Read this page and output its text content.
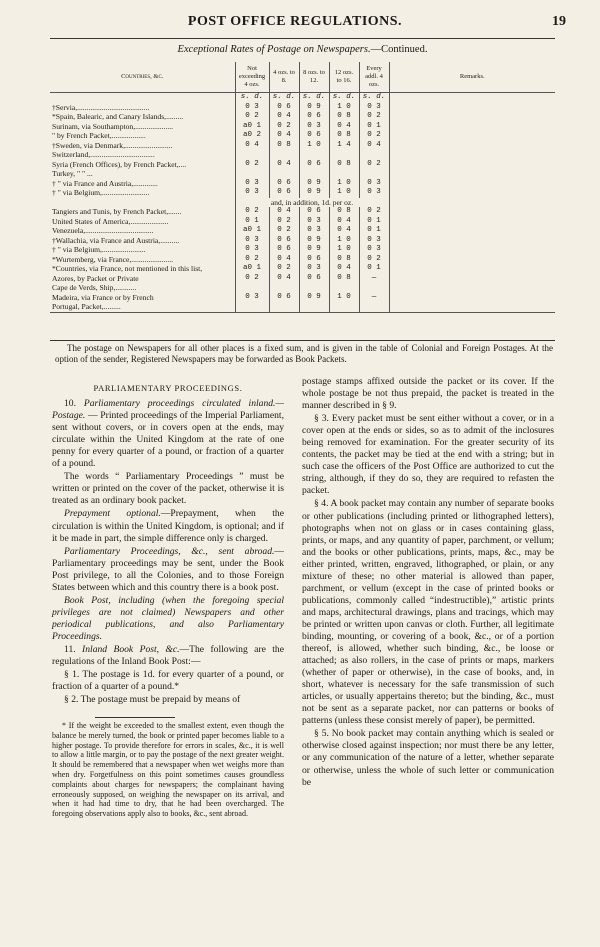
POST OFFICE REGULATIONS.	19
Exceptional Rates of Postage on Newspapers.—Continued.
Countries, &c.	Not exceeding 4 ozs.	4 ozs. to 8.	8 ozs. to 12.	12 ozs. to 16.	Every addl. 4 ozs.	Remarks.
	s. d.	s. d.	s. d.	s. d.	s. d.	
†Servia,......................................	0 3	0 6	0 9	1 0	0 3	
*Spain, Balearic, and Canary Islands,.........	0 2	0 4	0 6	0 8	0 2	
Surinam, via Southampton,....................	a0 1	0 2	0 3	0 4	0 1	
" by French Packet,..................	a0 2	0 4	0 6	0 8	0 2	
†Sweden, via Denmark,.........................	0 4	0 8	1 0	1 4	0 4	
Switzerland,..................................						
Syria (French Offices), by French Packet,....	0 2	0 4	0 6	0 8	0 2	
Turkey, " " ...						
† " via France and Austria,.............	0 3	0 6	0 9	1 0	0 3	
† " via Belgium,.........................	0 3	0 6	0 9	1 0	0 3	
	and, in addition, 1d. per oz.					
Tangiers and Tunis, by French Packet,.......	0 2	0 4	0 6	0 8	0 2	
United States of America,....................	0 1	0 2	0 3	0 4	0 1	
Venezuela,....................................	a0 1	0 2	0 3	0 4	0 1	
†Wallachia, via France and Austria,..........	0 3	0 6	0 9	1 0	0 3	
† " via Belgium,.......................	0 3	0 6	0 9	1 0	0 3	
*Wurtemberg, via France,......................	0 2	0 4	0 6	0 8	0 2	
*Countries, via France, not mentioned in this list,	a0 1	0 2	0 3	0 4	0 1	
Azores, by Packet or Private	0 2	0 4	0 6	0 8	—	
Cape de Verds, Ship,...........						
Madeira, via France or by French	0 3	0 6	0 9	1 0	—	
Portugal, Packet,.........						
The postage on Newspapers for all other places is a fixed sum, and is given in the table of Colonial and Foreign Postages. At the option of the sender, Registered Newspapers may be forwarded as Book Packets.
PARLIAMENTARY PROCEEDINGS.

10. Parliamentary proceedings circulated inland.—Postage. — Printed proceedings of the Imperial Parliament, sent without covers, or in covers open at the ends, may circulate within the United Kingdom at the rate of one penny for every quarter of a pound, or fraction of a quarter of a pound.

The words “ Parliamentary Proceedings ” must be written or printed on the cover of the packet, otherwise it is treated as an ordinary book packet.

Prepayment optional.—Prepayment, when the circulation is within the United Kingdom, is optional; and if it be made in part, the simple difference only is charged.

Parliamentary Proceedings, &c., sent abroad.—Parliamentary proceedings may be sent, under the Book Post privilege, to all the Colonies, and to those Foreign States between which and this country there is a book post.

Book Post, including (when the foregoing special privileges are not claimed) Newspapers and other periodical publications, and also Parliamentary Proceedings.

11. Inland Book Post, &c.—The following are the regulations of the Inland Book Post:—

§ 1. The postage is 1d. for every quarter of a pound, or fraction of a quarter of a pound.*

§ 2. The postage must be prepaid by means of

* If the weight be exceeded to the smallest extent, even though the balance be merely turned, the book or printed paper becomes liable to a higher postage. To provide therefore for errors in scales, &c., it is well to allow a little margin, or to pay the postage of the next greater weight. It should be remembered that a newspaper when wet weighs more than when dry. Forgetfulness on this point sometimes causes groundless complaints about charges for newspapers; the complainant having erroneously supposed, on weighing the newspaper on its arrival, and when it had had time to dry, that he had been overcharged. The foregoing observations apply also to books, &c., sent abroad.

postage stamps affixed outside the packet or its cover. If the whole postage be not thus prepaid, the packet is treated in the manner described in § 9.

§ 3. Every packet must be sent either without a cover, or in a cover open at the ends or sides, so as to admit of the inclosures being removed for examination. For the greater security of its contents, the packet may be tied at the end with a string; but in such case the officers of the Post Office are authorized to cut the string, although, if they do so, they are required to refasten the packet.

§ 4. A book packet may contain any number of separate books or other publications (including printed or lithographed letters), photographs when not on glass or in cases containing glass, prints, or maps, and any quantity of paper, parchment, or vellum; and the books or other publications, prints, maps, &c., may be either printed, written, engraved, lithographed, or plain, or any mixture of these; no other material is allowed than paper, parchment, or vellum (except in the case of printed books or publications, commonly called “indestructible),” artistic prints and maps, architectural drawings, plans and tracings, which may be printed or written upon canvas or cloth. Further, all legitimate binding, mounting, or covering of a book, &c., or of a portion thereof, is allowed, whether such binding, &c., be loose or attached; as also rollers, in the case of prints or maps, markers (whether of paper or otherwise), in the case of books, and, in short, whatever is necessary for the safe transmission of such articles, or usually appertains thereto; but the binding, &c., must not be sent as a separate packet, nor can patterns or books of patterns (unless these consist merely of paper), be permitted.

§ 5. No book packet may contain anything which is sealed or otherwise closed against inspection; nor must there be any letter, or any communication of the nature of a letter, whether separate or otherwise, unless the whole of such letter or communication be
